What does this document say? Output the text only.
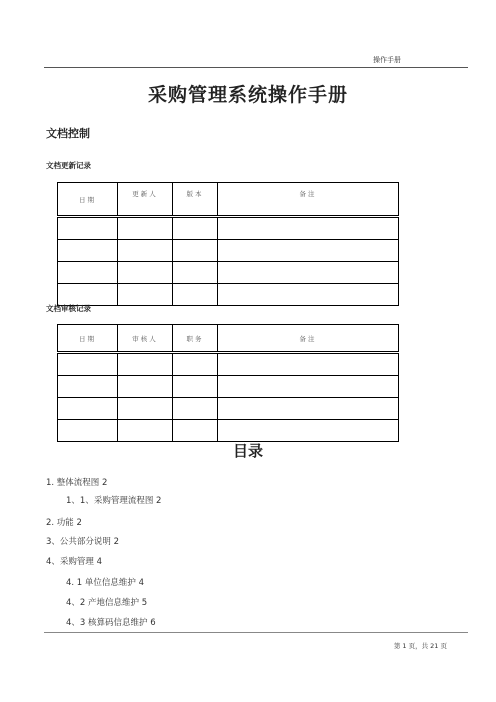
操作手册
采购管理系统操作手册
文档控制
文档更新记录
日期	更新人	版本	备注

文档审核记录
日期	审核人	职务	备注

目录
1. 整体流程图 2
1、1、采购管理流程图 2
2. 功能 2
3、公共部分说明 2
4、采购管理 4
4. 1 单位信息维护 4
4、2 产地信息维护 5
4、3 核算码信息维护 6
第 1 页，共 21 页
